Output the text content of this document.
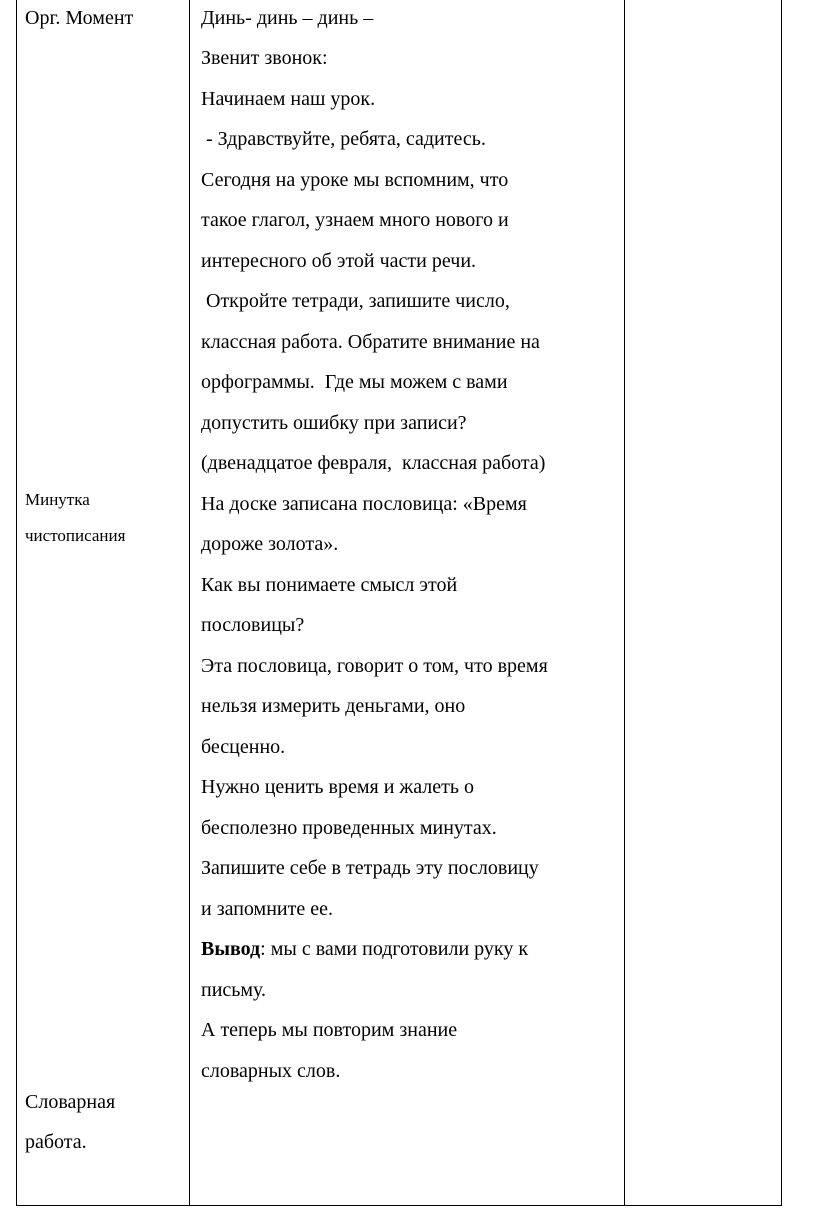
Орг. Момент
Минутка
чистописания
Словарная
работа.
Динь- динь – динь –
Звенит звонок:
Начинаем наш урок.
- Здравствуйте, ребята, садитесь.
Сегодня на уроке мы вспомним, что
такое глагол, узнаем много нового и
интересного об этой части речи.
Откройте тетради, запишите число,
классная работа. Обратите внимание на
орфограммы.  Где мы можем с вами
допустить ошибку при записи?
(двенадцатое февраля,  классная работа)
На доске записана пословица: «Время
дороже золота».
Как вы понимаете смысл этой
пословицы?
Эта пословица, говорит о том, что время
нельзя измерить деньгами, оно
бесценно.
Нужно ценить время и жалеть о
бесполезно проведенных минутах.
Запишите себе в тетрадь эту пословицу
и запомните ее.
Вывод: мы с вами подготовили руку к
письму.
А теперь мы повторим знание
словарных слов.
